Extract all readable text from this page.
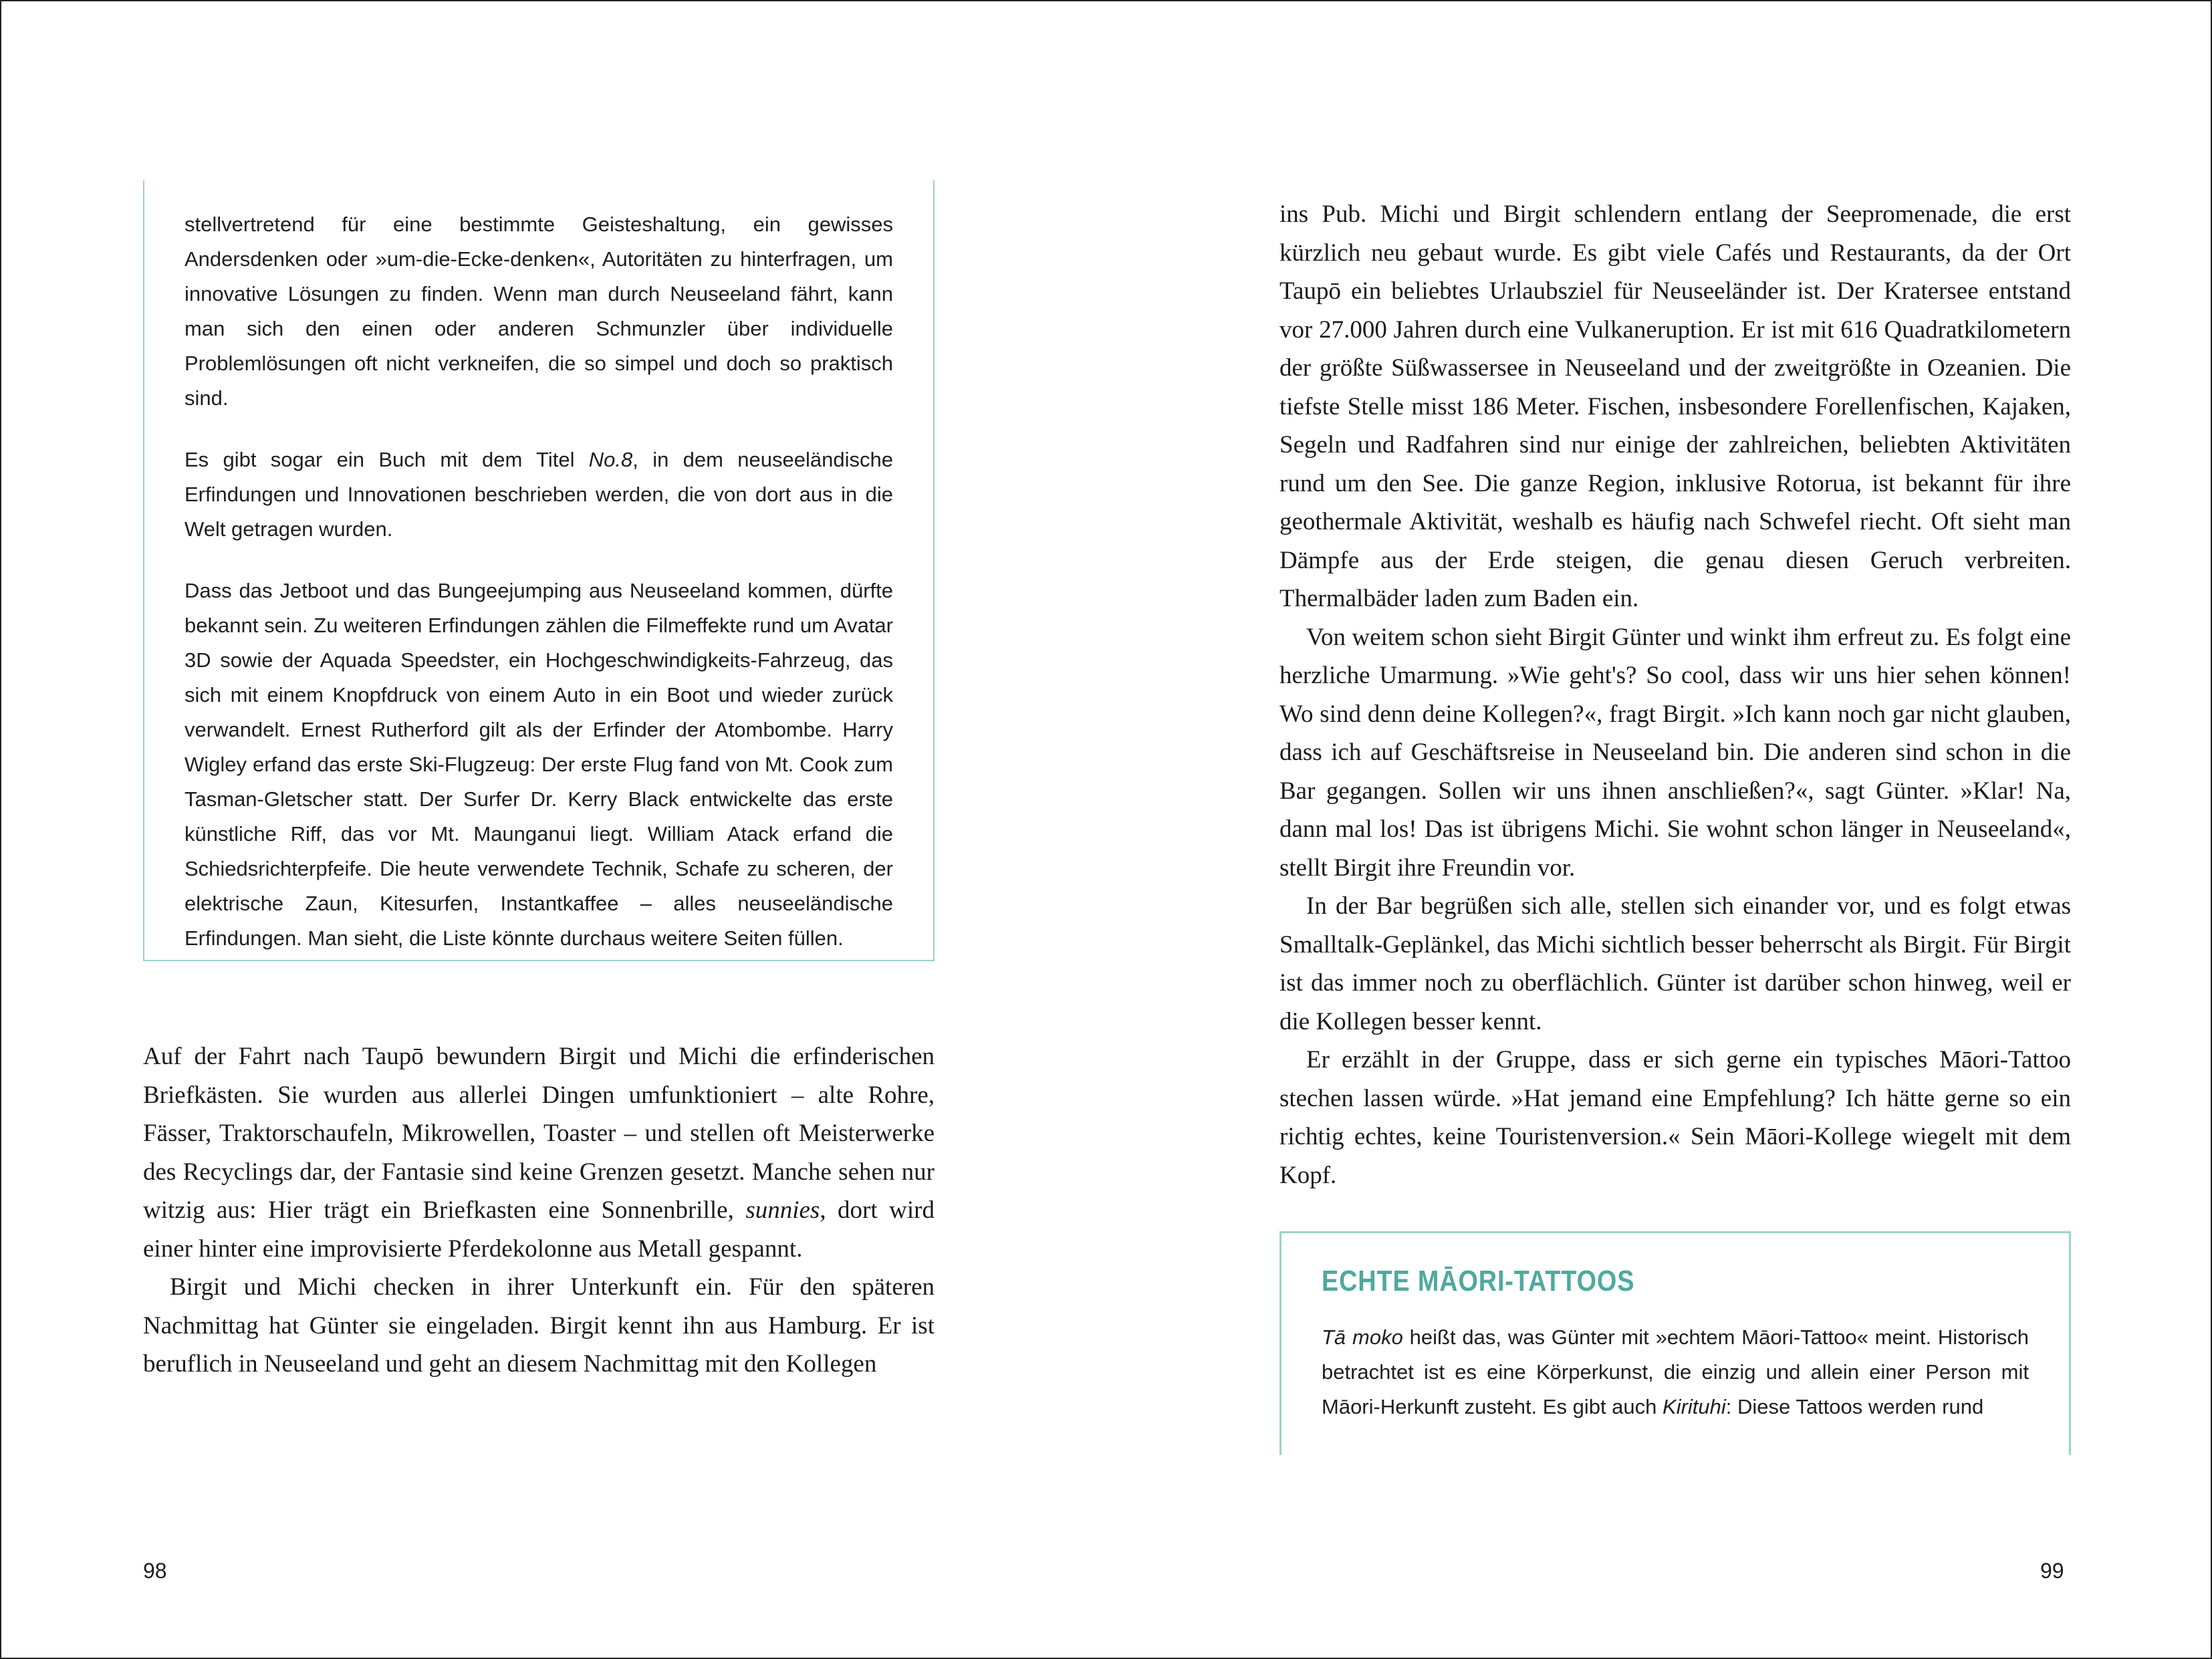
stellvertretend für eine bestimmte Geisteshaltung, ein gewisses Andersdenken oder »um-die-Ecke-denken«, Autoritäten zu hinterfragen, um innovative Lösungen zu finden. Wenn man durch Neuseeland fährt, kann man sich den einen oder anderen Schmunzler über individuelle Problemlösungen oft nicht verkneifen, die so simpel und doch so praktisch sind.

Es gibt sogar ein Buch mit dem Titel No.8, in dem neuseeländische Erfindungen und Innovationen beschrieben werden, die von dort aus in die Welt getragen wurden.

Dass das Jetboot und das Bungeejumping aus Neuseeland kommen, dürfte bekannt sein. Zu weiteren Erfindungen zählen die Filmeffekte rund um Avatar 3D sowie der Aquada Speedster, ein Hochgeschwindigkeits-Fahrzeug, das sich mit einem Knopfdruck von einem Auto in ein Boot und wieder zurück verwandelt. Ernest Rutherford gilt als der Erfinder der Atombombe. Harry Wigley erfand das erste Ski-Flugzeug: Der erste Flug fand von Mt. Cook zum Tasman-Gletscher statt. Der Surfer Dr. Kerry Black entwickelte das erste künstliche Riff, das vor Mt. Maunganui liegt. William Atack erfand die Schiedsrichterpfeife. Die heute verwendete Technik, Schafe zu scheren, der elektrische Zaun, Kitesurfen, Instantkaffee – alles neuseeländische Erfindungen. Man sieht, die Liste könnte durchaus weitere Seiten füllen.

Auf der Fahrt nach Taupō bewundern Birgit und Michi die erfinderischen Briefkästen. Sie wurden aus allerlei Dingen umfunktioniert – alte Rohre, Fässer, Traktorschaufeln, Mikrowellen, Toaster – und stellen oft Meisterwerke des Recyclings dar, der Fantasie sind keine Grenzen gesetzt. Manche sehen nur witzig aus: Hier trägt ein Briefkasten eine Sonnenbrille, sunnies, dort wird einer hinter eine improvisierte Pferdekolonne aus Metall gespannt.

Birgit und Michi checken in ihrer Unterkunft ein. Für den späteren Nachmittag hat Günter sie eingeladen. Birgit kennt ihn aus Hamburg. Er ist beruflich in Neuseeland und geht an diesem Nachmittag mit den Kollegen

98

ins Pub. Michi und Birgit schlendern entlang der Seepromenade, die erst kürzlich neu gebaut wurde. Es gibt viele Cafés und Restaurants, da der Ort Taupō ein beliebtes Urlaubsziel für Neuseeländer ist. Der Kratersee entstand vor 27.000 Jahren durch eine Vulkaneruption. Er ist mit 616 Quadratkilometern der größte Süßwassersee in Neuseeland und der zweitgrößte in Ozeanien. Die tiefste Stelle misst 186 Meter. Fischen, insbesondere Forellenfischen, Kajaken, Segeln und Radfahren sind nur einige der zahlreichen, beliebten Aktivitäten rund um den See. Die ganze Region, inklusive Rotorua, ist bekannt für ihre geothermale Aktivität, weshalb es häufig nach Schwefel riecht. Oft sieht man Dämpfe aus der Erde steigen, die genau diesen Geruch verbreiten. Thermalbäder laden zum Baden ein.

Von weitem schon sieht Birgit Günter und winkt ihm erfreut zu. Es folgt eine herzliche Umarmung. »Wie geht's? So cool, dass wir uns hier sehen können! Wo sind denn deine Kollegen?«, fragt Birgit. »Ich kann noch gar nicht glauben, dass ich auf Geschäftsreise in Neuseeland bin. Die anderen sind schon in die Bar gegangen. Sollen wir uns ihnen anschließen?«, sagt Günter. »Klar! Na, dann mal los! Das ist übrigens Michi. Sie wohnt schon länger in Neuseeland«, stellt Birgit ihre Freundin vor.

In der Bar begrüßen sich alle, stellen sich einander vor, und es folgt etwas Smalltalk-Geplänkel, das Michi sichtlich besser beherrscht als Birgit. Für Birgit ist das immer noch zu oberflächlich. Günter ist darüber schon hinweg, weil er die Kollegen besser kennt.

Er erzählt in der Gruppe, dass er sich gerne ein typisches Māori-Tattoo stechen lassen würde. »Hat jemand eine Empfehlung? Ich hätte gerne so ein richtig echtes, keine Touristenversion.« Sein Māori-Kollege wiegelt mit dem Kopf.

ECHTE MĀORI-TATTOOS

Tā moko heißt das, was Günter mit »echtem Māori-Tattoo« meint. Historisch betrachtet ist es eine Körperkunst, die einzig und allein einer Person mit Māori-Herkunft zusteht. Es gibt auch Kirituhi: Diese Tattoos werden rund

99
